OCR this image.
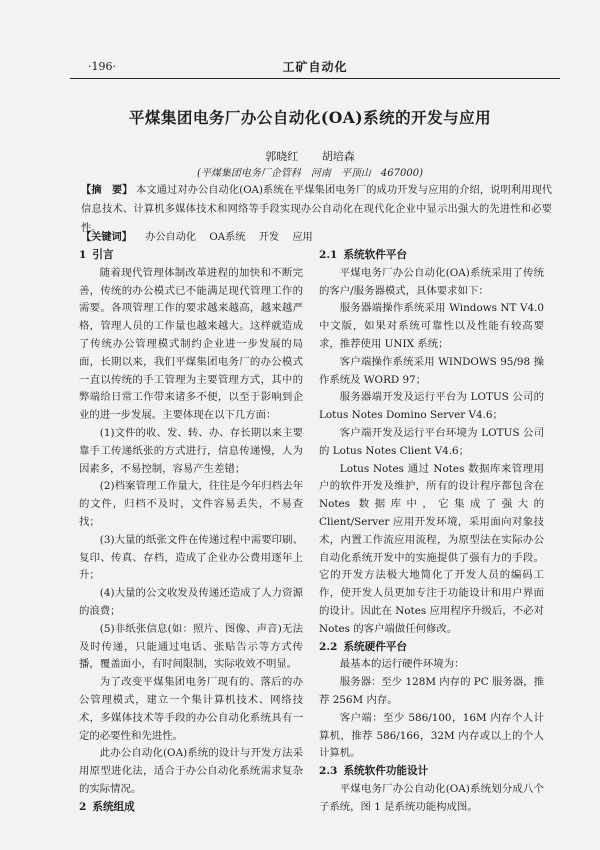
·196·	工矿自动化
平煤集团电务厂办公自动化(OA)系统的开发与应用
郭晓红 胡培森
(平煤集团电务厂企管科　河南　平顶山　467000)
【摘　要】 本文通过对办公自动化(OA)系统在平煤集团电务厂的成功开发与应用的介绍，说明利用现代信息技术、计算机多媒体技术和网络等手段实现办公自动化在现代化企业中显示出强大的先进性和必要性。
【关键词】 办公自动化 OA系统 开发 应用
1 引言

随着现代管理体制改革进程的加快和不断完善，传统的办公模式已不能满足现代管理工作的需要。各项管理工作的要求越来越高，越来越严格，管理人员的工作量也越来越大。这样就造成了传统办公管理模式制约企业进一步发展的局面，长期以来，我们平煤集团电务厂的办公模式一直以传统的手工管理为主要管理方式，其中的弊端给日常工作带来诸多不便，以至于影响到企业的进一步发展。主要体现在以下几方面：

(1)文件的收、发、转、办、存长期以来主要靠手工传递纸张的方式进行，信息传递慢，人为因素多，不易控制，容易产生差错；

(2)档案管理工作量大，往往是今年归档去年的文件，归档不及时，文件容易丢失，不易查找；

(3)大量的纸张文件在传递过程中需要印刷、复印、传真、存档，造成了企业办公费用逐年上升；

(4)大量的公文收发及传递还造成了人力资源的浪费；

(5)非纸张信息(如：照片、图像、声音)无法及时传递，只能通过电话、张贴告示等方式传播，覆盖面小，有时间限制，实际收效不明显。

为了改变平煤集团电务厂现有的、落后的办公管理模式，建立一个集计算机技术、网络技术，多媒体技术等手段的办公自动化系统具有一定的必要性和先进性。

此办公自动化(OA)系统的设计与开发方法采用原型进化法，适合于办公自动化系统需求复杂的实际情况。

2 系统组成
2.1 系统软件平台

平煤电务厂办公自动化(OA)系统采用了传统的客户/服务器模式，具体要求如下：

服务器端操作系统采用 Windows NT V4.0 中文版，如果对系统可靠性以及性能有较高要求，推荐使用 UNIX 系统；

客户端操作系统采用 WINDOWS 95/98 操作系统及 WORD 97；

服务器端开发及运行平台为 LOTUS 公司的 Lotus Notes Domino Server V4.6；

客户端开发及运行平台环境为 LOTUS 公司的 Lotus Notes Client V4.6；

Lotus Notes 通过 Notes 数据库来管理用户的软件开发及维护，所有的设计程序都包含在 Notes 数据库中，它集成了强大的 Client/Server 应用开发环境，采用面向对象技术，内置工作流应用流程，为原型法在实际办公自动化系统开发中的实施提供了强有力的手段。它的开发方法极大地简化了开发人员的编码工作，使开发人员更加专注于功能设计和用户界面的设计。因此在 Notes 应用程序升级后，不必对 Notes 的客户端做任何修改。

2.2 系统硬件平台

最基本的运行硬件环境为：

服务器：至少 128M 内存的 PC 服务器，推荐 256M 内存。

客户端：至少 586/100，16M 内存个人计算机，推荐 586/166，32M 内存或以上的个人计算机。

2.3 系统软件功能设计

平煤电务厂办公自动化(OA)系统划分成八个子系统，图 1 是系统功能构成图。
